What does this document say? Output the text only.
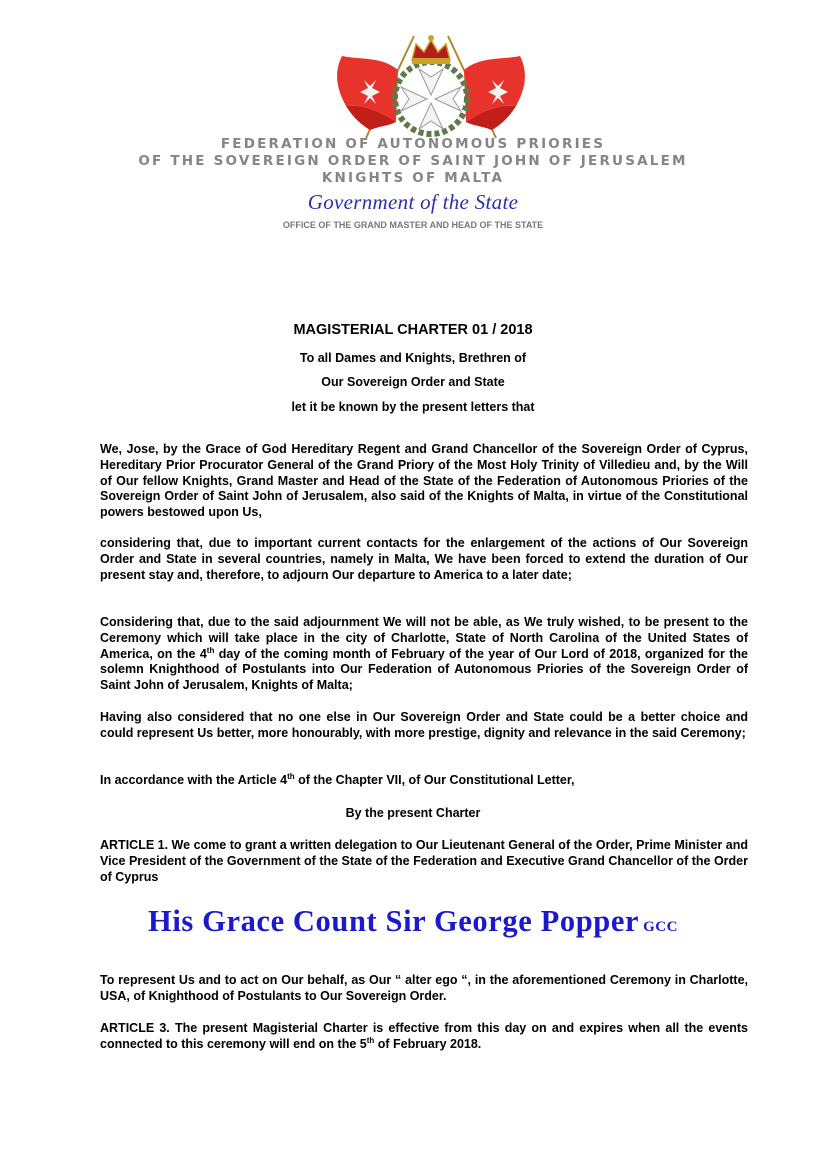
FEDERATION OF AUTONOMOUS PRIORIES
OF THE SOVEREIGN ORDER OF SAINT JOHN OF JERUSALEM
KNIGHTS OF MALTA
Government of the State
OFFICE OF THE GRAND MASTER AND HEAD OF THE STATE
MAGISTERIAL CHARTER 01 / 2018
To all Dames and Knights, Brethren of
Our Sovereign Order and State
let it be known by the present letters that

We, Jose, by the Grace of God Hereditary Regent and Grand Chancellor of the Sovereign Order of Cyprus, Hereditary Prior Procurator General of the Grand Priory of the Most Holy Trinity of Villedieu and, by the Will of Our fellow Knights, Grand Master and Head of the State of the Federation of Autonomous Priories of the Sovereign Order of Saint John of Jerusalem, also said of the Knights of Malta, in virtue of the Constitutional powers bestowed upon Us,

considering that, due to important current contacts for the enlargement of the actions of Our Sovereign Order and State in several countries, namely in Malta, We have been forced to extend the duration of Our present stay and, therefore, to adjourn Our departure to America to a later date;

Considering that, due to the said adjournment We will not be able, as We truly wished, to be present to the Ceremony which will take place in the city of Charlotte, State of North Carolina of the United States of America, on the 4th day of the coming month of February of the year of Our Lord of 2018, organized for the solemn Knighthood of Postulants into Our Federation of Autonomous Priories of the Sovereign Order of Saint John of Jerusalem, Knights of Malta;

Having also considered that no one else in Our Sovereign Order and State could be a better choice and could represent Us better, more honourably, with more prestige, dignity and relevance in the said Ceremony;

In accordance with the Article 4th of the Chapter VII, of Our Constitutional Letter,

By the present Charter

ARTICLE 1. We come to grant a written delegation to Our Lieutenant General of the Order, Prime Minister and Vice President of the Government of the State of the Federation and Executive Grand Chancellor of the Order of Cyprus

His Grace Count Sir George Popper GCC

To represent Us and to act on Our behalf, as Our “ alter ego “, in the aforementioned Ceremony in Charlotte, USA, of Knighthood of Postulants to Our Sovereign Order.

ARTICLE 3. The present Magisterial Charter is effective from this day on and expires when all the events connected to this ceremony will end on the 5th of February 2018.
